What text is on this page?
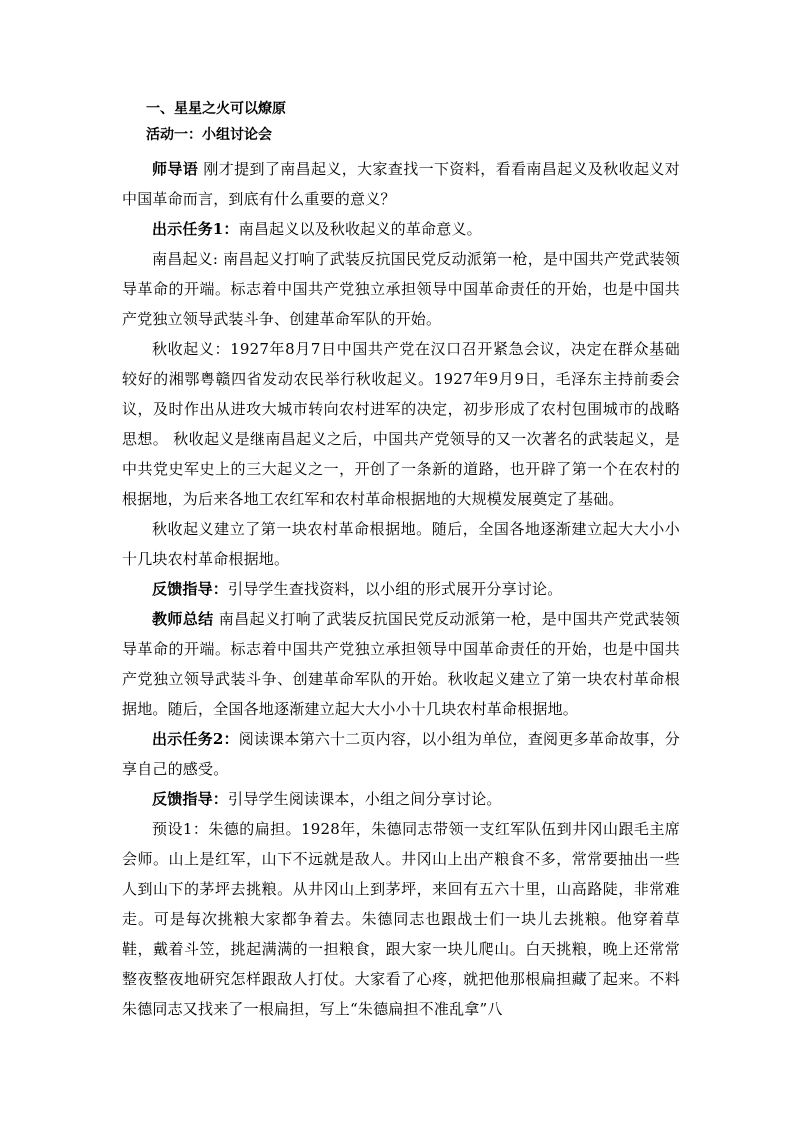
一、星星之火可以燎原

活动一：小组讨论会

师导语 刚才提到了南昌起义，大家查找一下资料，看看南昌起义及秋收起义对中国革命而言，到底有什么重要的意义？

出示任务1：南昌起义以及秋收起义的革命意义。

南昌起义: 南昌起义打响了武装反抗国民党反动派第一枪，是中国共产党武装领导革命的开端。标志着中国共产党独立承担领导中国革命责任的开始，也是中国共产党独立领导武装斗争、创建革命军队的开始。

秋收起义：1927年8月7日中国共产党在汉口召开紧急会议，决定在群众基础较好的湘鄂粤赣四省发动农民举行秋收起义。1927年9月9日，毛泽东主持前委会议，及时作出从进攻大城市转向农村进军的决定，初步形成了农村包围城市的战略思想。 秋收起义是继南昌起义之后，中国共产党领导的又一次著名的武装起义，是中共党史军史上的三大起义之一，开创了一条新的道路，也开辟了第一个在农村的根据地，为后来各地工农红军和农村革命根据地的大规模发展奠定了基础。

秋收起义建立了第一块农村革命根据地。随后，全国各地逐渐建立起大大小小十几块农村革命根据地。

反馈指导：引导学生查找资料，以小组的形式展开分享讨论。

教师总结 南昌起义打响了武装反抗国民党反动派第一枪，是中国共产党武装领导革命的开端。标志着中国共产党独立承担领导中国革命责任的开始，也是中国共产党独立领导武装斗争、创建革命军队的开始。秋收起义建立了第一块农村革命根据地。随后，全国各地逐渐建立起大大小小十几块农村革命根据地。

出示任务2：阅读课本第六十二页内容，以小组为单位，查阅更多革命故事，分享自己的感受。

反馈指导：引导学生阅读课本，小组之间分享讨论。

预设1：朱德的扁担。1928年，朱德同志带领一支红军队伍到井冈山跟毛主席会师。山上是红军，山下不远就是敌人。井冈山上出产粮食不多，常常要抽出一些人到山下的茅坪去挑粮。从井冈山上到茅坪，来回有五六十里，山高路陡，非常难走。可是每次挑粮大家都争着去。朱德同志也跟战士们一块儿去挑粮。他穿着草鞋，戴着斗笠，挑起满满的一担粮食，跟大家一块儿爬山。白天挑粮，晚上还常常整夜整夜地研究怎样跟敌人打仗。大家看了心疼，就把他那根扁担藏了起来。不料朱德同志又找来了一根扁担，写上“朱德扁担不准乱拿”八
